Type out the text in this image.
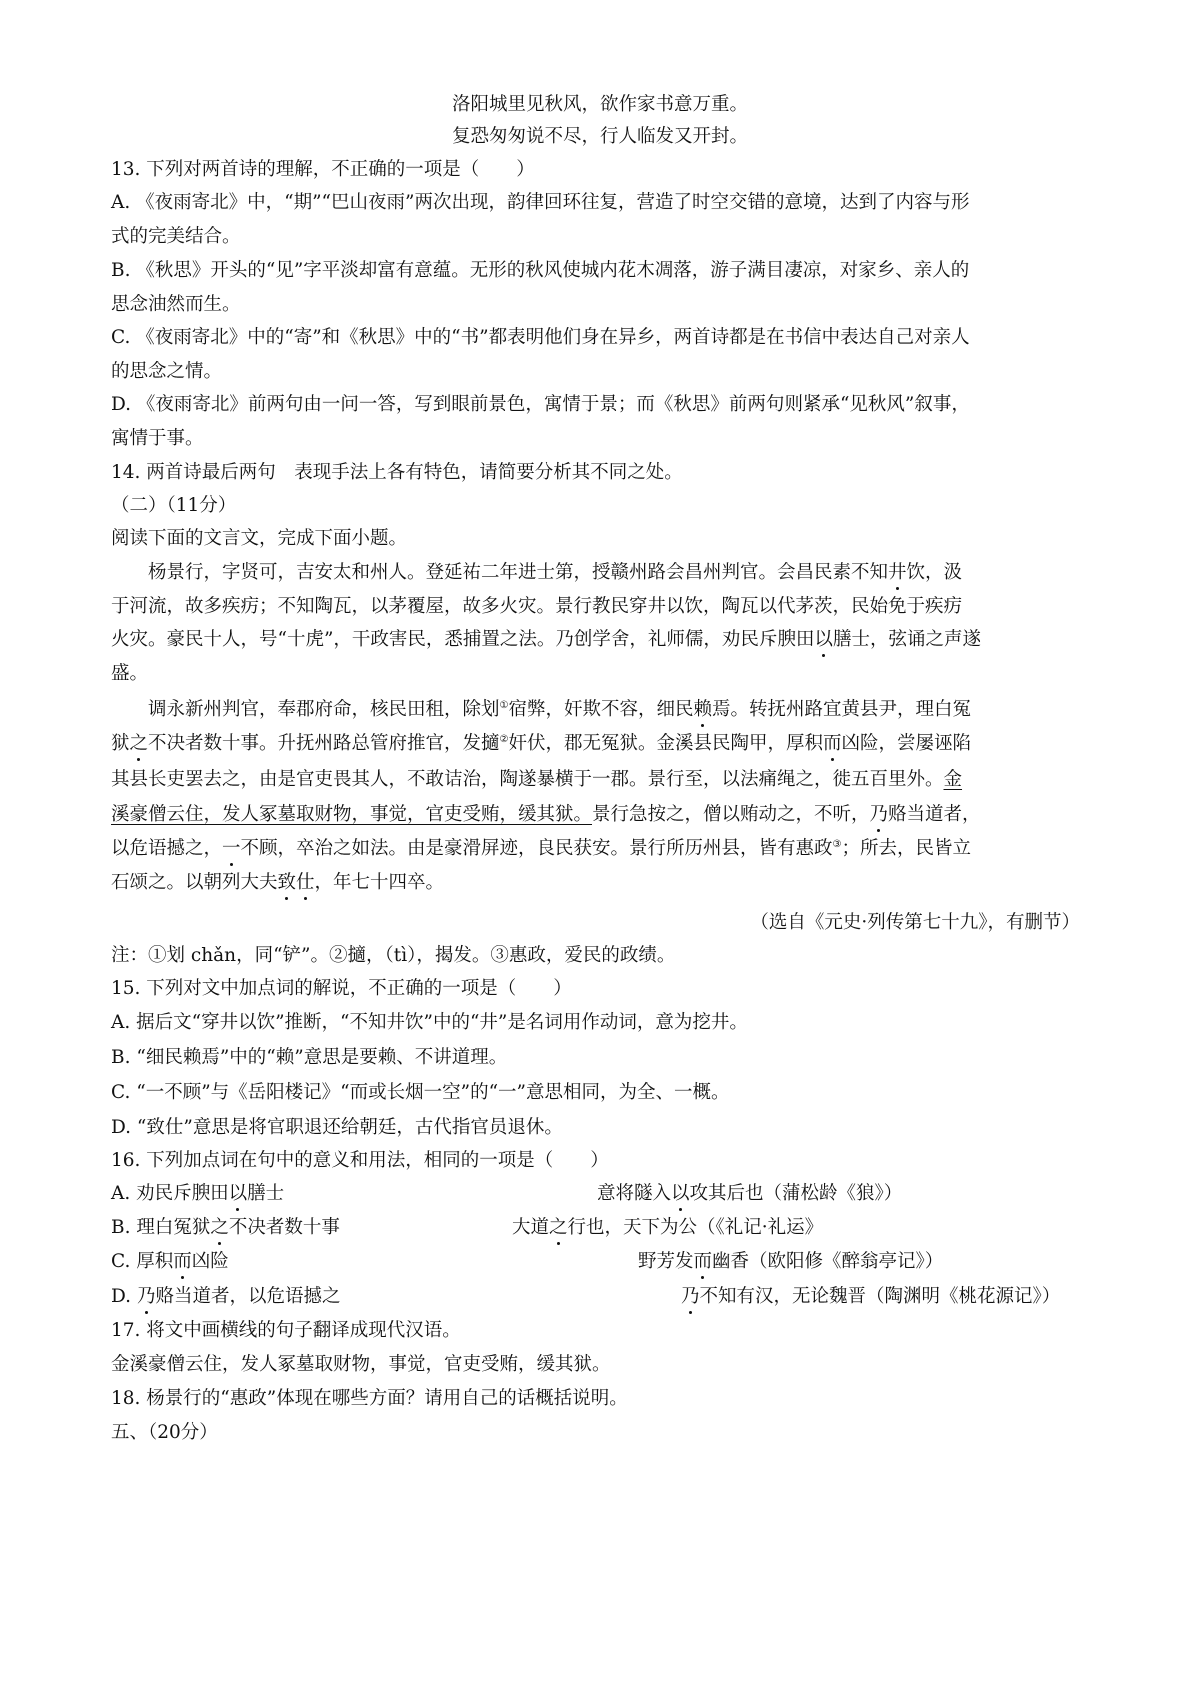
洛阳城里见秋风，欲作家书意万重。
复恐匆匆说不尽，行人临发又开封。
13. 下列对两首诗的理解，不正确的一项是（　　）
A. 《夜雨寄北》中，“期”“巴山夜雨”两次出现，韵律回环往复，营造了时空交错的意境，达到了内容与形
式的完美结合。
B. 《秋思》开头的“见”字平淡却富有意蕴。无形的秋风使城内花木凋落，游子满目凄凉，对家乡、亲人的
思念油然而生。
C. 《夜雨寄北》中的“寄”和《秋思》中的“书”都表明他们身在异乡，两首诗都是在书信中表达自己对亲人
的思念之情。
D. 《夜雨寄北》前两句由一问一答，写到眼前景色，寓情于景；而《秋思》前两句则紧承“见秋风”叙事，
寓情于事。
14. 两首诗最后两句　表现手法上各有特色，请简要分析其不同之处。
（二）（11分）
阅读下面的文言文，完成下面小题。
杨景行，字贤可，吉安太和州人。登延祐二年进士第，授赣州路会昌州判官。会昌民素不知井饮，汲
于河流，故多疾疠；不知陶瓦，以茅覆屋，故多火灾。景行教民穿井以饮，陶瓦以代茅茨，民始免于疾疠
火灾。豪民十人，号“十虎”，干政害民，悉捕置之法。乃创学舍，礼师儒，劝民斥腴田以膳士，弦诵之声遂
盛。
调永新州判官，奉郡府命，核民田租，除划①宿弊，奸欺不容，细民赖焉。转抚州路宜黄县尹，理白冤
狱之不决者数十事。升抚州路总管府推官，发擿②奸伏，郡无冤狱。金溪县民陶甲，厚积而凶险，尝屡诬陷
其县长吏罢去之，由是官吏畏其人，不敢诘治，陶遂暴横于一郡。景行至，以法痛绳之，徙五百里外。金
溪豪僧云住，发人冢墓取财物，事觉，官吏受贿，缓其狱。景行急按之，僧以贿动之，不听，乃赂当道者，
以危语撼之，一不顾，卒治之如法。由是豪滑屏迹，良民获安。景行所历州县，皆有惠政③；所去，民皆立
石颂之。以朝列大夫致仕，年七十四卒。
（选自《元史·列传第七十九》，有删节）
注：①划 chǎn，同“铲”。②擿，（tì），揭发。③惠政，爱民的政绩。
15. 下列对文中加点词的解说，不正确的一项是（　　）
A. 据后文“穿井以饮”推断，“不知井饮”中的“井”是名词用作动词，意为挖井。
B. “细民赖焉”中的“赖”意思是要赖、不讲道理。
C. “一不顾”与《岳阳楼记》“而或长烟一空”的“一”意思相同，为全、一概。
D. “致仕”意思是将官职退还给朝廷，古代指官员退休。
16. 下列加点词在句中的意义和用法，相同的一项是（　　）
A. 劝民斥腴田以膳士	意将隧入以攻其后也（蒲松龄《狼》）
B. 理白冤狱之不决者数十事	大道之行也，天下为公（《礼记·礼运》
C. 厚积而凶险	野芳发而幽香（欧阳修《醉翁亭记》）
D. 乃赂当道者，以危语撼之	乃不知有汉，无论魏晋（陶渊明《桃花源记》）
17. 将文中画横线的句子翻译成现代汉语。
金溪豪僧云住，发人冢墓取财物，事觉，官吏受贿，缓其狱。
18. 杨景行的“惠政”体现在哪些方面？请用自己的话概括说明。
五、（20分）
